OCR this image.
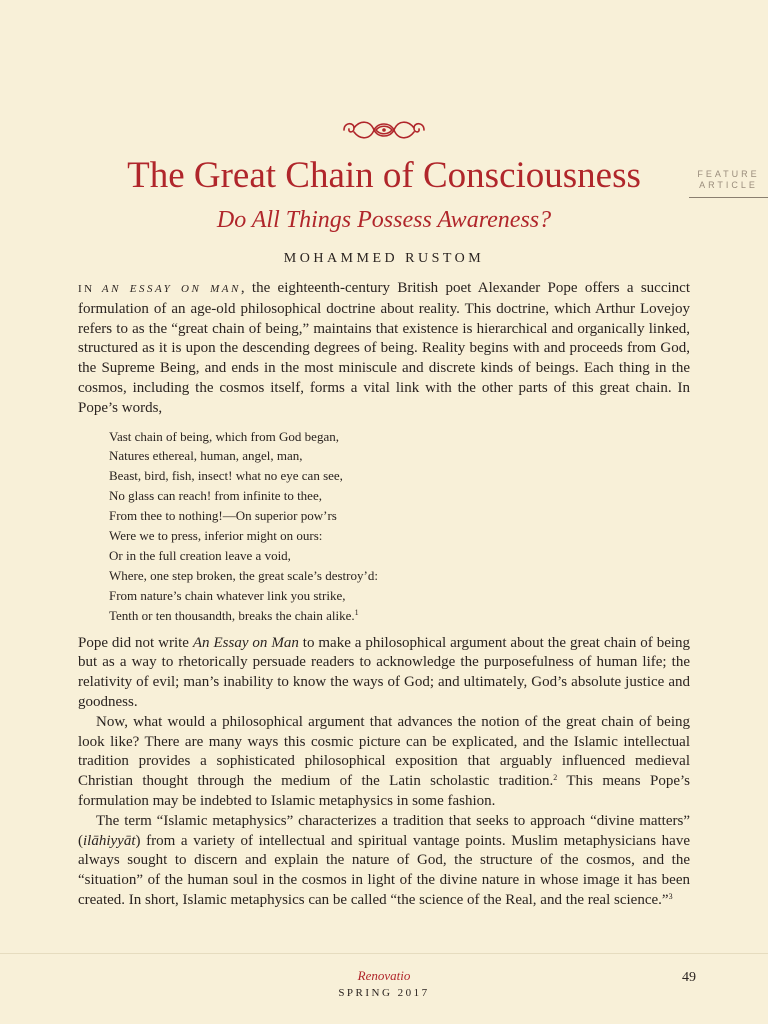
The Great Chain of Consciousness
Do All Things Possess Awareness?
FEATURE
ARTICLE
MOHAMMED RUSTOM

IN AN ESSAY ON MAN, the eighteenth-century British poet Alexander Pope offers a succinct formulation of an age-old philosophical doctrine about reality. This doctrine, which Arthur Lovejoy refers to as the “great chain of being,” maintains that existence is hierarchical and organically linked, structured as it is upon the descending degrees of being. Reality begins with and proceeds from God, the Supreme Being, and ends in the most miniscule and discrete kinds of beings. Each thing in the cosmos, including the cosmos itself, forms a vital link with the other parts of this great chain. In Pope’s words,

Vast chain of being, which from God began,
Natures ethereal, human, angel, man,
Beast, bird, fish, insect! what no eye can see,
No glass can reach! from infinite to thee,
From thee to nothing!—On superior pow’rs
Were we to press, inferior might on ours:
Or in the full creation leave a void,
Where, one step broken, the great scale’s destroy’d:
From nature’s chain whatever link you strike,
Tenth or ten thousandth, breaks the chain alike.$^1$

Pope did not write An Essay on Man to make a philosophical argument about the great chain of being but as a way to rhetorically persuade readers to acknowledge the purposefulness of human life; the relativity of evil; man’s inability to know the ways of God; and ultimately, God’s absolute justice and goodness.

Now, what would a philosophical argument that advances the notion of the great chain of being look like? There are many ways this cosmic picture can be explicated, and the Islamic intellectual tradition provides a sophisticated philosophical exposition that arguably influenced medieval Christian thought through the medium of the Latin scholastic tradition.$^2$ This means Pope’s formulation may be indebted to Islamic metaphysics in some fashion.

The term “Islamic metaphysics” characterizes a tradition that seeks to approach “divine matters” (ilāhiyyāt) from a variety of intellectual and spiritual vantage points. Muslim metaphysicians have always sought to discern and explain the nature of God, the structure of the cosmos, and the “situation” of the human soul in the cosmos in light of the divine nature in whose image it has been created. In short, Islamic metaphysics can be called “the science of the Real, and the real science.”$^3$

Renovatio
SPRING 2017
49
